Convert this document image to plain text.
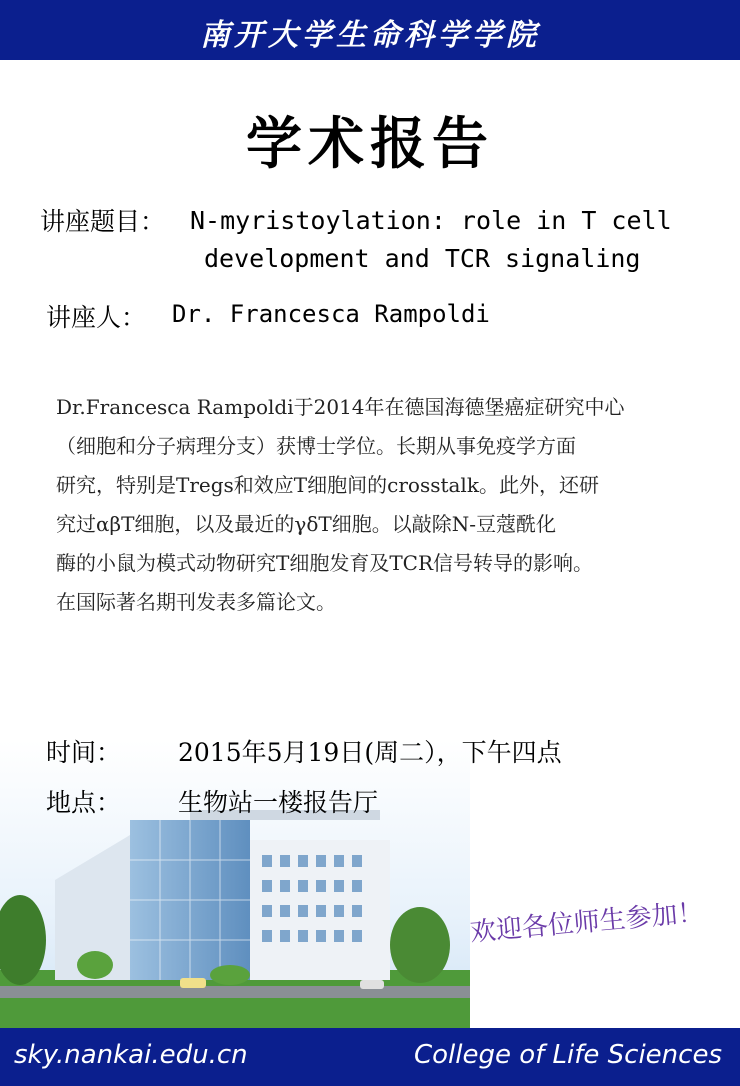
南开大学生命科学学院
学术报告
讲座题目： N-myristoylation: role in T cell
development and TCR signaling
讲座人： Dr. Francesca Rampoldi
Dr.Francesca Rampoldi于2014年在德国海德堡癌症研究中心
（细胞和分子病理分支）获博士学位。长期从事免疫学方面
研究，特别是Tregs和效应T细胞间的crosstalk。此外，还研
究过αβT细胞，以及最近的γδT细胞。以敲除N-豆蔻酰化
酶的小鼠为模式动物研究T细胞发育及TCR信号转导的影响。
在国际著名期刊发表多篇论文。
时间： 2015年5月19日(周二），下午四点
地点： 生物站一楼报告厅
欢迎各位师生参加！
sky.nankai.edu.cn	College of Life Sciences
